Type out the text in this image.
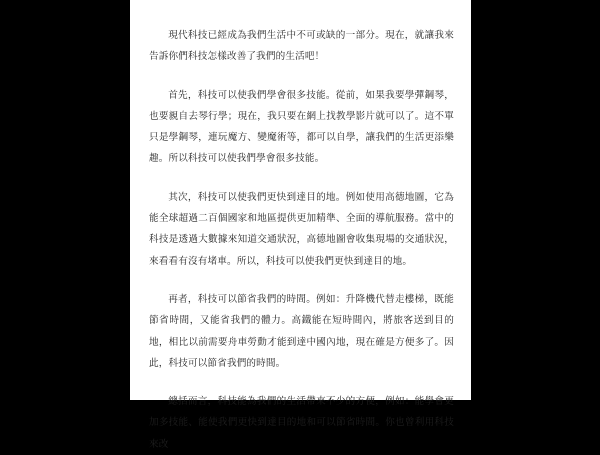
現代科技已經成為我們生活中不可或缺的一部分。現在，就讓我來告訴你們科技怎樣改善了我們的生活吧！

首先，科技可以使我們學會很多技能。從前，如果我要學彈鋼琴，也要親自去琴行學；現在，我只要在網上找教學影片就可以了。這不單只是學鋼琴，連玩魔方、變魔術等，都可以自學，讓我們的生活更添樂趣。所以科技可以使我們學會很多技能。

其次，科技可以使我們更快到達目的地。例如使用高德地圖，它為能全球超過二百個國家和地區提供更加精準、全面的導航服務。當中的科技是透過大數據來知道交通狀況，高德地圖會收集現場的交通狀況，來看看有沒有堵車。所以，科技可以使我們更快到達目的地。

再者，科技可以節省我們的時間。例如：升降機代替走樓梯，既能節省時間，又能省我們的體力。高鐵能在短時間內，將旅客送到目的地，相比以前需要舟車勞動才能到達中國內地，現在確是方便多了。因此，科技可以節省我們的時間。

總括而言，科技能為我們的生活帶來不少的方便，例如：能學會更加多技能、能使我們更快到達目的地和可以節省時間。你也曾利用科技來改
